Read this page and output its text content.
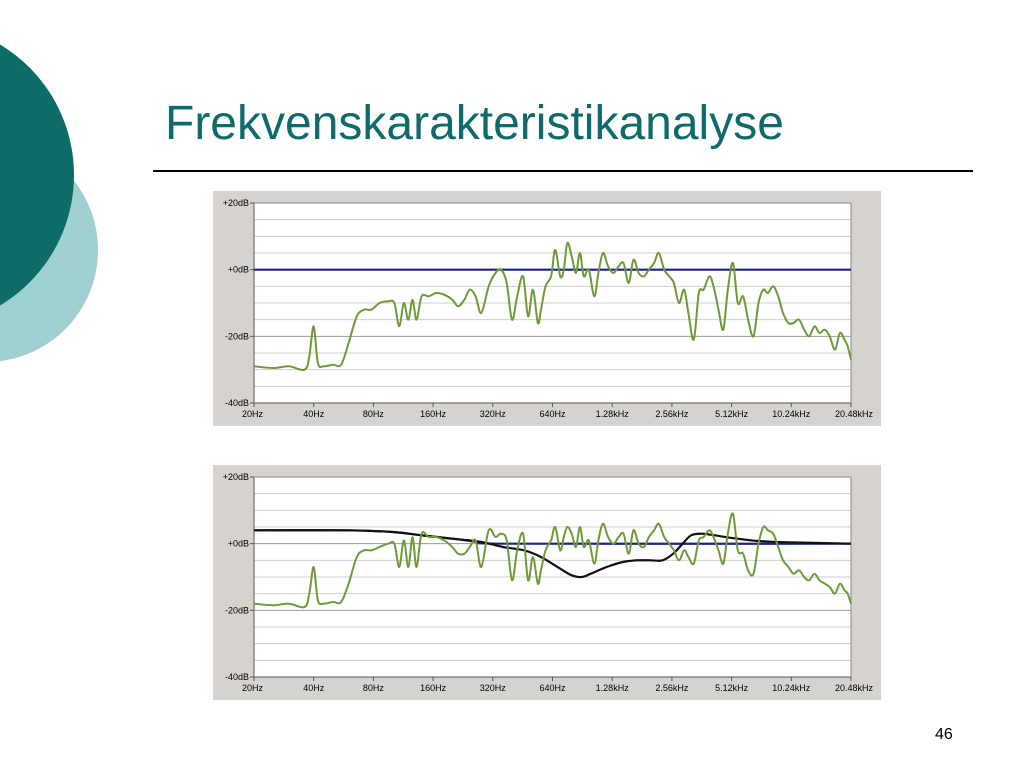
Frekvenskarakteristikanalyse
+20dB
+0dB
-20dB
-40dB
20Hz	40Hz	80Hz	160Hz	320Hz	640Hz	1.28kHz	2.56kHz	5.12kHz	10.24kHz	20.48kHz
+20dB
+0dB
-20dB
-40dB
20Hz	40Hz	80Hz	160Hz	320Hz	640Hz	1.28kHz	2.56kHz	5.12kHz	10.24kHz	20.48kHz
46
